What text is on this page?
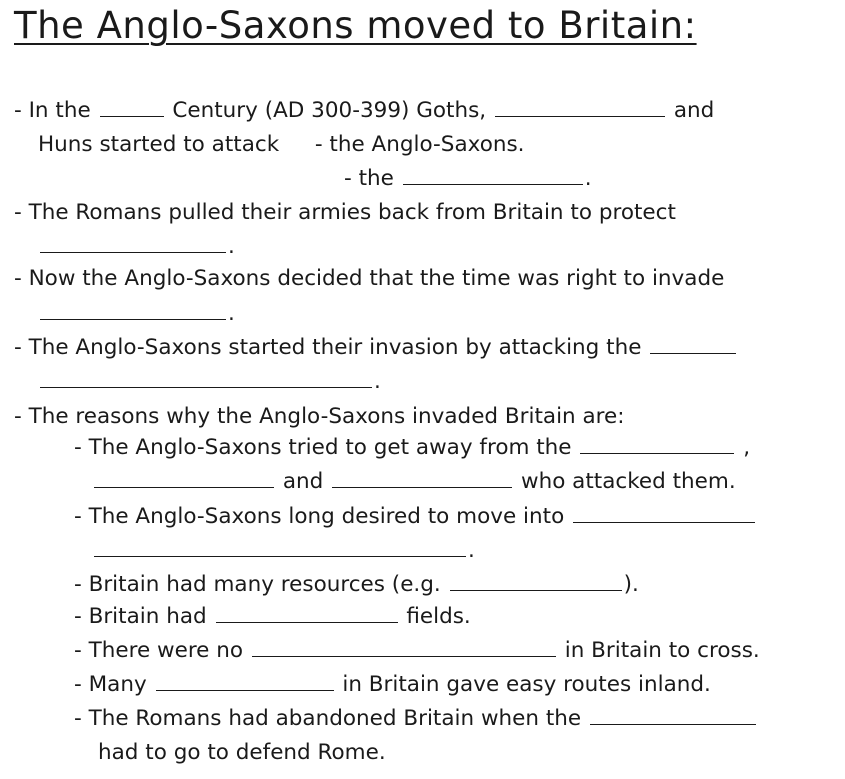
The Anglo-Saxons moved to Britain:
- In the	Century (AD 300-399) Goths,	and
Huns started to attack - the Anglo-Saxons.
- the	.
- The Romans pulled their armies back from Britain to protect
.
- Now the Anglo-Saxons decided that the time was right to invade
.
- The Anglo-Saxons started their invasion by attacking the
.
- The reasons why the Anglo-Saxons invaded Britain are:
- The Anglo-Saxons tried to get away from the	,
and	who attacked them.
- The Anglo-Saxons long desired to move into
.
- Britain had many resources (e.g.	).
- Britain had	fields.
- There were no	in Britain to cross.
- Many	in Britain gave easy routes inland.
- The Romans had abandoned Britain when the
had to go to defend Rome.
